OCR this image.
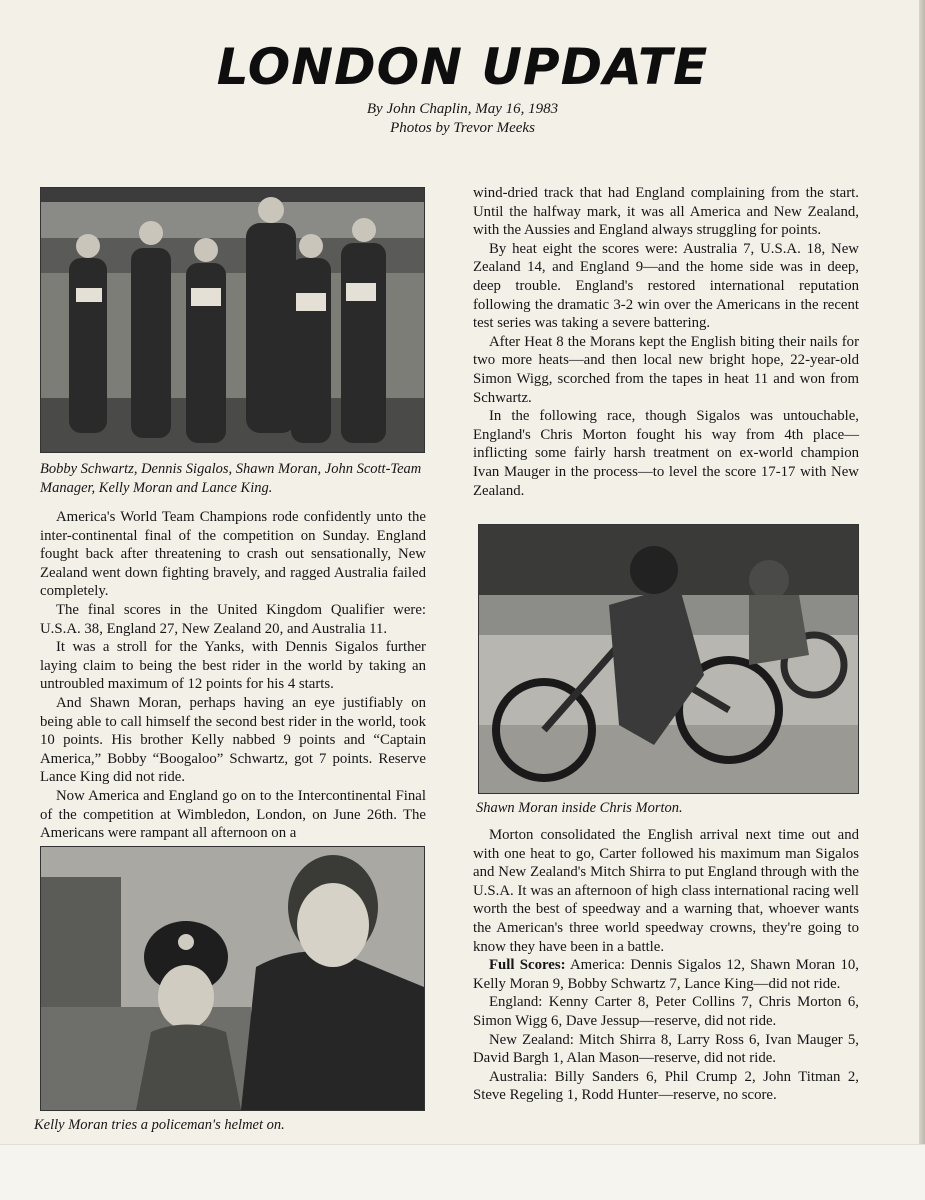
LONDON UPDATE
By John Chaplin, May 16, 1983
Photos by Trevor Meeks
Bobby Schwartz, Dennis Sigalos, Shawn Moran, John Scott-Team Manager, Kelly Moran and Lance King.

America's World Team Champions rode confidently unto the inter-continental final of the competition on Sunday. England fought back after threatening to crash out sensationally, New Zealand went down fighting bravely, and ragged Australia failed completely.

The final scores in the United Kingdom Qualifier were: U.S.A. 38, England 27, New Zealand 20, and Australia 11.

It was a stroll for the Yanks, with Dennis Sigalos further laying claim to being the best rider in the world by taking an untroubled maximum of 12 points for his 4 starts.

And Shawn Moran, perhaps having an eye justifiably on being able to call himself the second best rider in the world, took 10 points. His brother Kelly nabbed 9 points and “Captain America,” Bobby “Boogaloo” Schwartz, got 7 points. Reserve Lance King did not ride.

Now America and England go on to the Intercontinental Final of the competition at Wimbledon, London, on June 26th. The Americans were rampant all afternoon on a

Kelly Moran tries a policeman's helmet on.

wind-dried track that had England complaining from the start. Until the halfway mark, it was all America and New Zealand, with the Aussies and England always struggling for points.

By heat eight the scores were: Australia 7, U.S.A. 18, New Zealand 14, and England 9—and the home side was in deep, deep trouble. England's restored international reputation following the dramatic 3-2 win over the Americans in the recent test series was taking a severe battering.

After Heat 8 the Morans kept the English biting their nails for two more heats—and then local new bright hope, 22-year-old Simon Wigg, scorched from the tapes in heat 11 and won from Schwartz.

In the following race, though Sigalos was untouchable, England's Chris Morton fought his way from 4th place—inflicting some fairly harsh treatment on ex-world champion Ivan Mauger in the process—to level the score 17-17 with New Zealand.

Shawn Moran inside Chris Morton.

Morton consolidated the English arrival next time out and with one heat to go, Carter followed his maximum man Sigalos and New Zealand's Mitch Shirra to put England through with the U.S.A. It was an afternoon of high class international racing well worth the best of speedway and a warning that, whoever wants the American's three world speedway crowns, they're going to know they have been in a battle.

Full Scores: America: Dennis Sigalos 12, Shawn Moran 10, Kelly Moran 9, Bobby Schwartz 7, Lance King—did not ride.

England: Kenny Carter 8, Peter Collins 7, Chris Morton 6, Simon Wigg 6, Dave Jessup—reserve, did not ride.

New Zealand: Mitch Shirra 8, Larry Ross 6, Ivan Mauger 5, David Bargh 1, Alan Mason—reserve, did not ride.

Australia: Billy Sanders 6, Phil Crump 2, John Titman 2, Steve Regeling 1, Rodd Hunter—reserve, no score.
